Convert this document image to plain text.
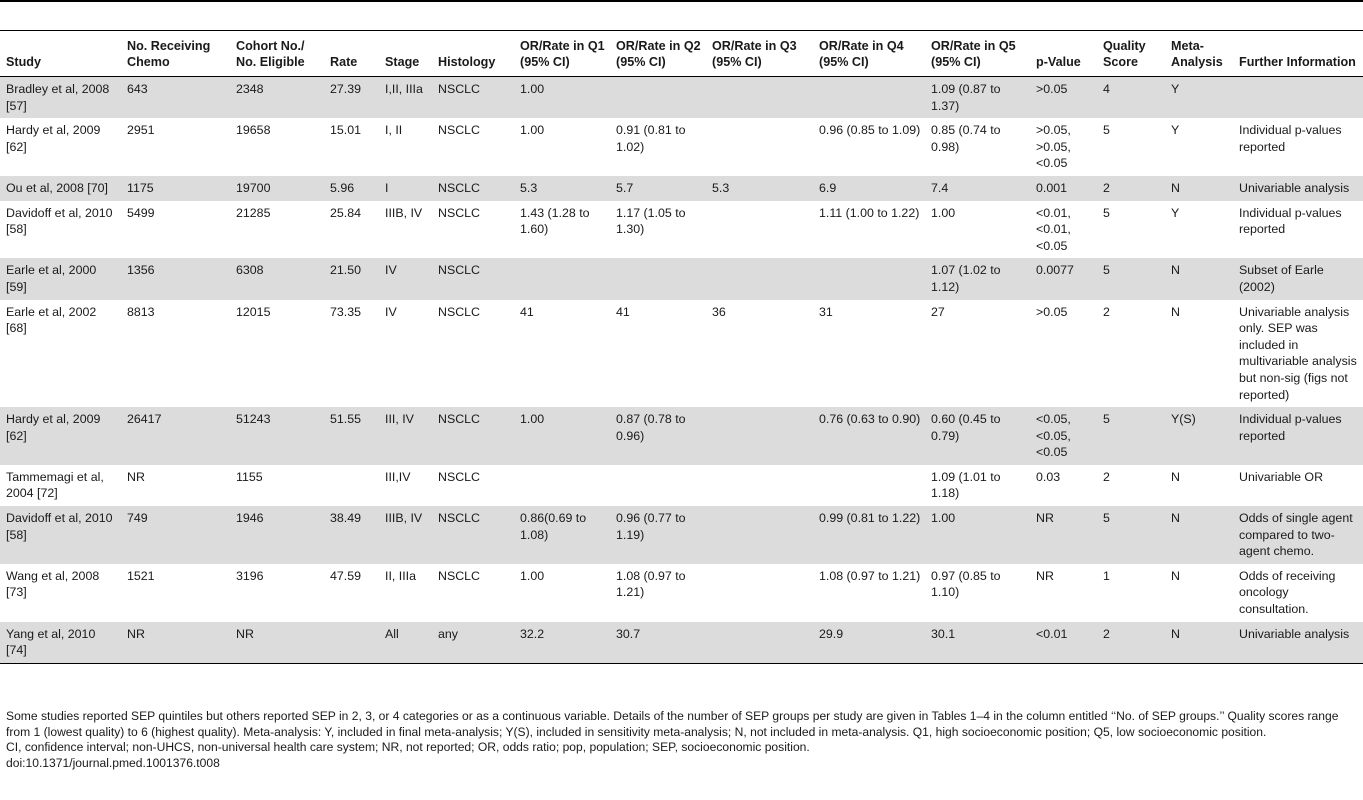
Study	No. Receiving Chemo	Cohort No./ No. Eligible	Rate	Stage	Histology	OR/Rate in Q1 (95% CI)	OR/Rate in Q2 (95% CI)	OR/Rate in Q3 (95% CI)	OR/Rate in Q4 (95% CI)	OR/Rate in Q5 (95% CI)	p-Value	Quality Score	Meta-Analysis	Further Information
Bradley et al, 2008 [57]	643	2348	27.39	I,II, IIIa	NSCLC	1.00				1.09 (0.87 to 1.37)	>0.05	4	Y	
Hardy et al, 2009 [62]	2951	19658	15.01	I, II	NSCLC	1.00	0.91 (0.81 to 1.02)		0.96 (0.85 to 1.09)	0.85 (0.74 to 0.98)	>0.05, >0.05, <0.05	5	Y	Individual p-values reported
Ou et al, 2008 [70]	1175	19700	5.96	I	NSCLC	5.3	5.7	5.3	6.9	7.4	0.001	2	N	Univariable analysis
Davidoff et al, 2010 [58]	5499	21285	25.84	IIIB, IV	NSCLC	1.43 (1.28 to 1.60)	1.17 (1.05 to 1.30)		1.11 (1.00 to 1.22)	1.00	<0.01, <0.01, <0.05	5	Y	Individual p-values reported
Earle et al, 2000 [59]	1356	6308	21.50	IV	NSCLC					1.07 (1.02 to 1.12)	0.0077	5	N	Subset of Earle (2002)
Earle et al, 2002 [68]	8813	12015	73.35	IV	NSCLC	41	41	36	31	27	>0.05	2	N	Univariable analysis only. SEP was included in multivariable analysis but non-sig (figs not reported)
Hardy et al, 2009 [62]	26417	51243	51.55	III, IV	NSCLC	1.00	0.87 (0.78 to 0.96)		0.76 (0.63 to 0.90)	0.60 (0.45 to 0.79)	<0.05, <0.05, <0.05	5	Y(S)	Individual p-values reported
Tammemagi et al, 2004 [72]	NR	1155		III,IV	NSCLC					1.09 (1.01 to 1.18)	0.03	2	N	Univariable OR
Davidoff et al, 2010 [58]	749	1946	38.49	IIIB, IV	NSCLC	0.86(0.69 to 1.08)	0.96 (0.77 to 1.19)		0.99 (0.81 to 1.22)	1.00	NR	5	N	Odds of single agent compared to two-agent chemo.
Wang et al, 2008 [73]	1521	3196	47.59	II, IIIa	NSCLC	1.00	1.08 (0.97 to 1.21)		1.08 (0.97 to 1.21)	0.97 (0.85 to 1.10)	NR	1	N	Odds of receiving oncology consultation.
Yang et al, 2010 [74]	NR	NR		All	any	32.2	30.7		29.9	30.1	<0.01	2	N	Univariable analysis

Some studies reported SEP quintiles but others reported SEP in 2, 3, or 4 categories or as a continuous variable. Details of the number of SEP groups per study are given in Tables 1–4 in the column entitled ‘‘No. of SEP groups.’’ Quality scores range from 1 (lowest quality) to 6 (highest quality). Meta-analysis: Y, included in final meta-analysis; Y(S), included in sensitivity meta-analysis; N, not included in meta-analysis. Q1, high socioeconomic position; Q5, low socioeconomic position.

CI, confidence interval; non-UHCS, non-universal health care system; NR, not reported; OR, odds ratio; pop, population; SEP, socioeconomic position.

doi:10.1371/journal.pmed.1001376.t008
